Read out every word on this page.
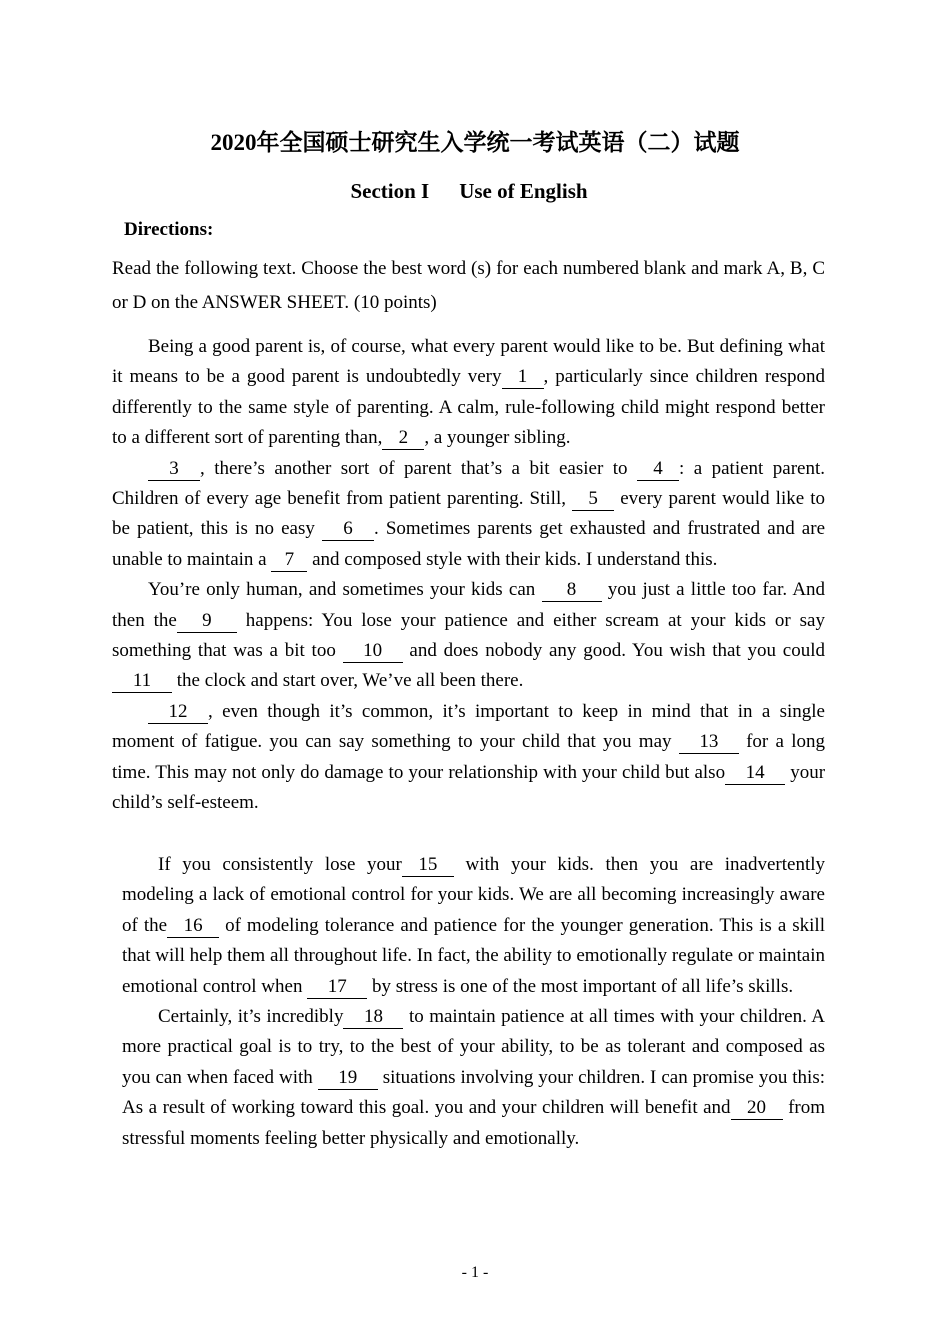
2020年全国硕士研究生入学统一考试英语（二）试题
Section I Use of English
Directions:
Read the following text. Choose the best word (s) for each numbered blank and mark A, B, C or D on the ANSWER SHEET. (10 points)

Being a good parent is, of course, what every parent would like to be. But defining what it means to be a good parent is undoubtedly very 1 , particularly since children respond differently to the same style of parenting. A calm, rule-following child might respond better to a different sort of parenting than, 2 , a younger sibling.

3 , there’s another sort of parent that’s a bit easier to 4 : a patient parent. Children of every age benefit from patient parenting. Still, 5 every parent would like to be patient, this is no easy 6 . Sometimes parents get exhausted and frustrated and are unable to maintain a 7 and composed style with their kids. I understand this.

You’re only human, and sometimes your kids can 8 you just a little too far. And then the 9 happens: You lose your patience and either scream at your kids or say something that was a bit too 10 and does nobody any good. You wish that you could11 the clock and start over, We’ve all been there.

12 , even though it’s common, it’s important to keep in mind that in a single moment of fatigue. you can say something to your child that you may 13 for a long time. This may not only do damage to your relationship with your child but also 14 your child’s self-esteem.

If you consistently lose your 15 with your kids. then you are inadvertently modeling a lack of emotional control for your kids. We are all becoming increasingly aware of the 16 of modeling tolerance and patience for the younger generation. This is a skill that will help them all throughout life. In fact, the ability to emotionally regulate or maintain emotional control when 17 by stress is one of the most important of all life’s skills.

Certainly, it’s incredibly 18 to maintain patience at all times with your children. A more practical goal is to try, to the best of your ability, to be as tolerant and composed as you can when faced with 19 situations involving your children. I can promise you this: As a result of working toward this goal. you and your children will benefit and 20 from stressful moments feeling better physically and emotionally.

- 1 -
